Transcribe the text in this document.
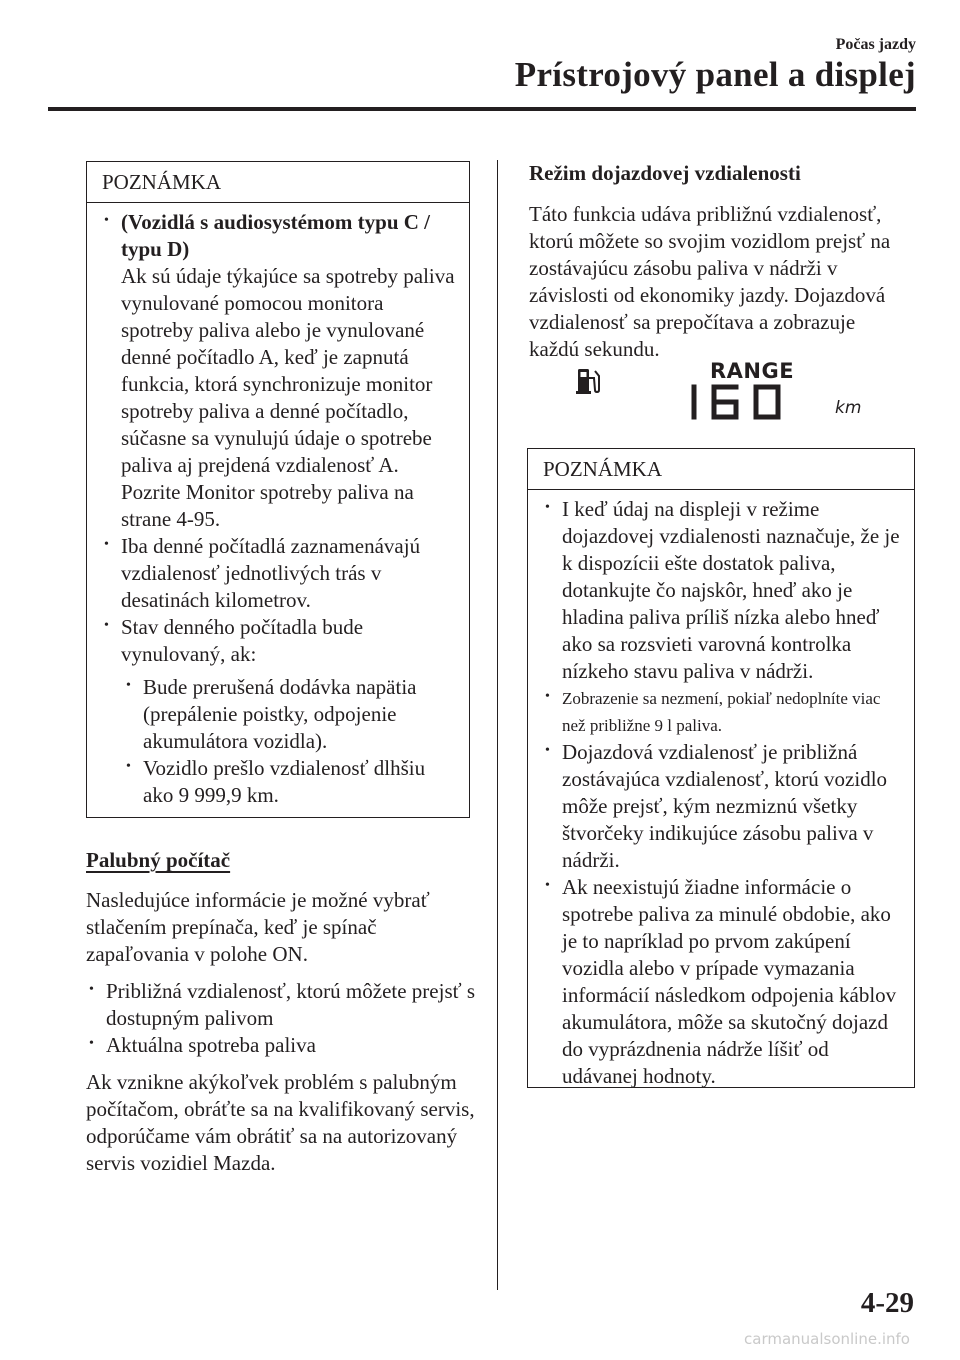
Počas jazdy
Prístrojový panel a displej
POZNÁMKA
• (Vozidlá s audiosystémom typu C / typu D)
Ak sú údaje týkajúce sa spotreby paliva vynulované pomocou monitora spotreby paliva alebo je vynulované denné počítadlo A, keď je zapnutá funkcia, ktorá synchronizuje monitor spotreby paliva a denné počítadlo, súčasne sa vynulujú údaje o spotrebe paliva aj prejdená vzdialenosť A. Pozrite Monitor spotreby paliva na strane 4-95.
• Iba denné počítadlá zaznamenávajú vzdialenosť jednotlivých trás v desatinách kilometrov.
• Stav denného počítadla bude vynulovaný, ak:
• Bude prerušená dodávka napätia (prepálenie poistky, odpojenie akumulátora vozidla).
• Vozidlo prešlo vzdialenosť dlhšiu ako 9 999,9 km.
Palubný počítač
Nasledujúce informácie je možné vybrať stlačením prepínača, keď je spínač zapaľovania v polohe ON.
• Približná vzdialenosť, ktorú môžete prejsť s dostupným palivom
• Aktuálna spotreba paliva
Ak vznikne akýkoľvek problém s palubným počítačom, obráťte sa na kvalifikovaný servis, odporúčame vám obrátiť sa na autorizovaný servis vozidiel Mazda.
Režim dojazdovej vzdialenosti
Táto funkcia udáva približnú vzdialenosť, ktorú môžete so svojim vozidlom prejsť na zostávajúcu zásobu paliva v nádrži v závislosti od ekonomiky jazdy. Dojazdová vzdialenosť sa prepočítava a zobrazuje každú sekundu.
RANGE
km
POZNÁMKA
• I keď údaj na displeji v režime dojazdovej vzdialenosti naznačuje, že je k dispozícii ešte dostatok paliva, dotankujte čo najskôr, hneď ako je hladina paliva príliš nízka alebo hneď ako sa rozsvieti varovná kontrolka nízkeho stavu paliva v nádrži.
• Zobrazenie sa nezmení, pokiaľ nedoplníte viac než približne 9 l paliva.
• Dojazdová vzdialenosť je približná zostávajúca vzdialenosť, ktorú vozidlo môže prejsť, kým nezmiznú všetky štvorčeky indikujúce zásobu paliva v nádrži.
• Ak neexistujú žiadne informácie o spotrebe paliva za minulé obdobie, ako je to napríklad po prvom zakúpení vozidla alebo v prípade vymazania informácií následkom odpojenia káblov akumulátora, môže sa skutočný dojazd do vyprázdnenia nádrže líšiť od udávanej hodnoty.
4-29
carmanualsonline.info
